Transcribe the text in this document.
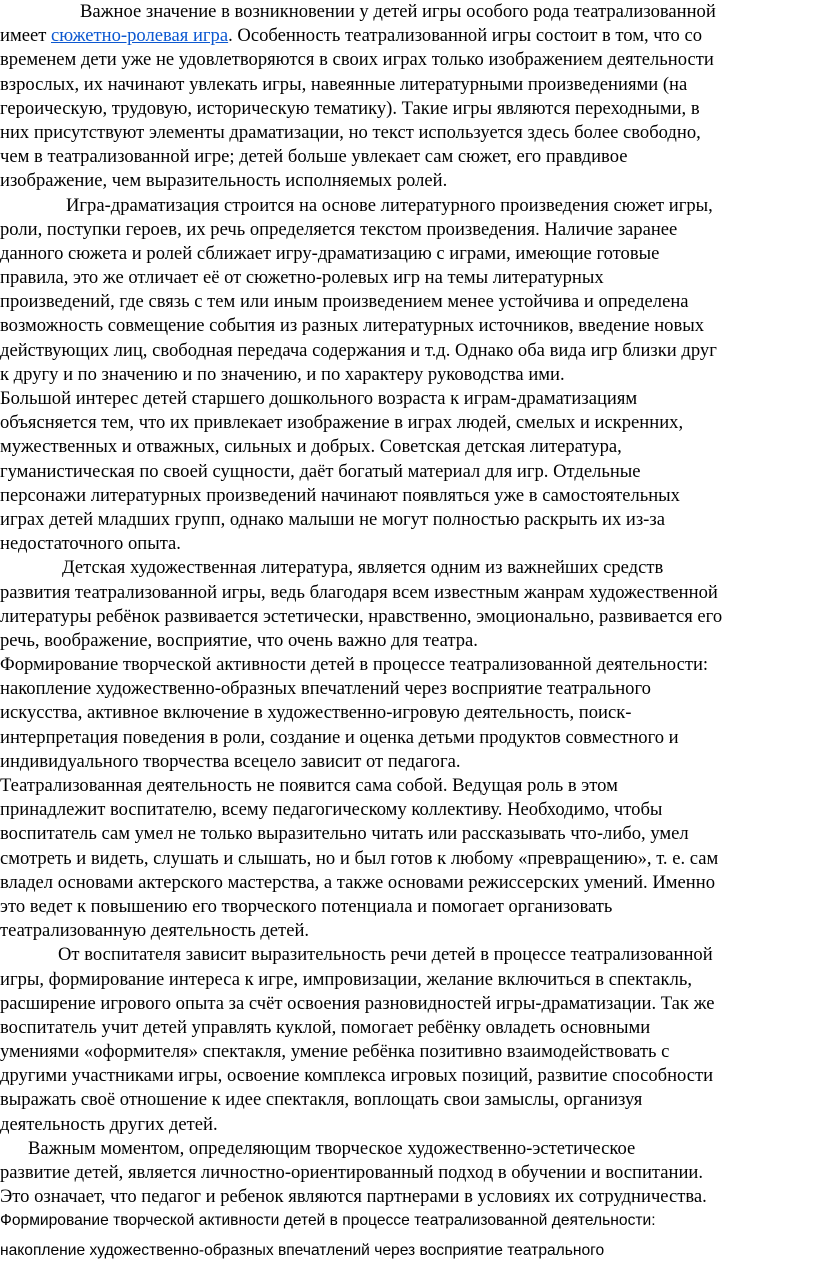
Важное значение в возникновении у детей игры особого рода театрализованной
имеет сюжетно-ролевая игра. Особенность театрализованной игры состоит в том, что со
временем дети уже не удовлетворяются в своих играх только изображением деятельности
взрослых, их начинают увлекать игры, навеянные литературными произведениями (на
героическую, трудовую, историческую тематику). Такие игры являются переходными, в
них присутствуют элементы драматизации, но текст используется здесь более свободно,
чем в театрализованной игре; детей больше увлекает сам сюжет, его правдивое
изображение, чем выразительность исполняемых ролей.
Игра-драматизация строится на основе литературного произведения сюжет игры,
роли, поступки героев, их речь определяется текстом произведения. Наличие заранее
данного сюжета и ролей сближает игру-драматизацию с играми, имеющие готовые
правила, это же отличает её от сюжетно-ролевых игр на темы литературных
произведений, где связь с тем или иным произведением менее устойчива и определена
возможность совмещение события из разных литературных источников, введение новых
действующих лиц, свободная передача содержания и т.д. Однако оба вида игр близки друг
к другу и по значению и по значению, и по характеру руководства ими.
Большой интерес детей старшего дошкольного возраста к играм-драматизациям
объясняется тем, что их привлекает изображение в играх людей, смелых и искренних,
мужественных и отважных, сильных и добрых. Советская детская литература,
гуманистическая по своей сущности, даёт богатый материал для игр. Отдельные
персонажи литературных произведений начинают появляться уже в самостоятельных
играх детей младших групп, однако малыши не могут полностью раскрыть их из-за
недостаточного опыта.
Детская художественная литература, является одним из важнейших средств
развития театрализованной игры, ведь благодаря всем известным жанрам художественной
литературы ребёнок развивается эстетически, нравственно, эмоционально, развивается его
речь, воображение, восприятие, что очень важно для театра.
Формирование творческой активности детей в процессе театрализованной деятельности:
накопление художественно-образных впечатлений через восприятие театрального
искусства, активное включение в художественно-игровую деятельность, поиск-
интерпретация поведения в роли, создание и оценка детьми продуктов совместного и
индивидуального творчества всецело зависит от педагога.
Театрализованная деятельность не появится сама собой. Ведущая роль в этом
принадлежит воспитателю, всему педагогическому коллективу. Необходимо, чтобы
воспитатель сам умел не только выразительно читать или рассказывать что-либо, умел
смотреть и видеть, слушать и слышать, но и был готов к любому «превращению», т. е. сам
владел основами актерского мастерства, а также основами режиссерских умений. Именно
это ведет к повышению его творческого потенциала и помогает организовать
театрализованную деятельность детей.
От воспитателя зависит выразительность речи детей в процессе театрализованной
игры, формирование интереса к игре, импровизации, желание включиться в спектакль,
расширение игрового опыта за счёт освоения разновидностей игры-драматизации. Так же
воспитатель учит детей управлять куклой, помогает ребёнку овладеть основными
умениями «оформителя» спектакля, умение ребёнка позитивно взаимодействовать с
другими участниками игры, освоение комплекса игровых позиций, развитие способности
выражать своё отношение к идее спектакля, воплощать свои замыслы, организуя
деятельность других детей.
Важным моментом, определяющим творческое художественно-эстетическое
развитие детей, является личностно-ориентированный подход в обучении и воспитании.
Это означает, что педагог и ребенок являются партнерами в условиях их сотрудничества.
Формирование творческой активности детей в процессе театрализованной деятельности:
накопление художественно-образных впечатлений через восприятие театрального
